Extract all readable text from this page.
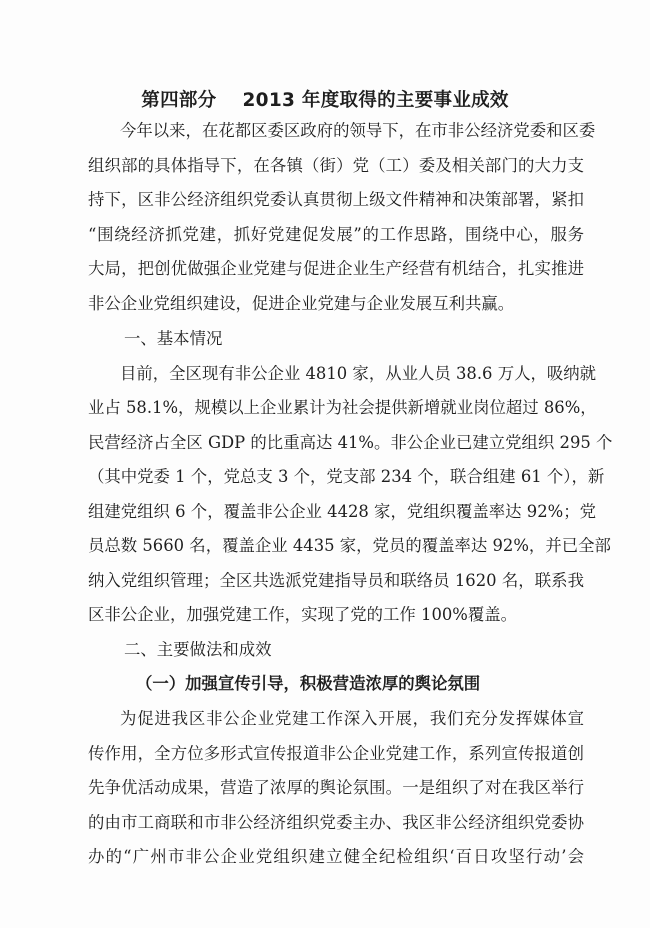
第四部分 2013 年度取得的主要事业成效
今年以来，在花都区委区政府的领导下，在市非公经济党委和区委
组织部的具体指导下，在各镇（街）党（工）委及相关部门的大力支
持下，区非公经济组织党委认真贯彻上级文件精神和决策部署，紧扣
“围绕经济抓党建，抓好党建促发展”的工作思路，围绕中心，服务
大局，把创优做强企业党建与促进企业生产经营有机结合，扎实推进
非公企业党组织建设，促进企业党建与企业发展互利共赢。
一、基本情况
目前，全区现有非公企业 4810 家，从业人员 38.6 万人，吸纳就
业占 58.1%，规模以上企业累计为社会提供新增就业岗位超过 86%，
民营经济占全区 GDP 的比重高达 41%。非公企业已建立党组织 295 个
（其中党委 1 个，党总支 3 个，党支部 234 个，联合组建 61 个），新
组建党组织 6 个，覆盖非公企业 4428 家，党组织覆盖率达 92%；党
员总数 5660 名，覆盖企业 4435 家，党员的覆盖率达 92%，并已全部
纳入党组织管理；全区共选派党建指导员和联络员 1620 名，联系我
区非公企业，加强党建工作，实现了党的工作 100%覆盖。
二、主要做法和成效
（一）加强宣传引导，积极营造浓厚的舆论氛围
为促进我区非公企业党建工作深入开展，我们充分发挥媒体宣
传作用，全方位多形式宣传报道非公企业党建工作，系列宣传报道创
先争优活动成果，营造了浓厚的舆论氛围。一是组织了对在我区举行
的由市工商联和市非公经济组织党委主办、我区非公经济组织党委协
办的“广州市非公企业党组织建立健全纪检组织‘百日攻坚行动’会
